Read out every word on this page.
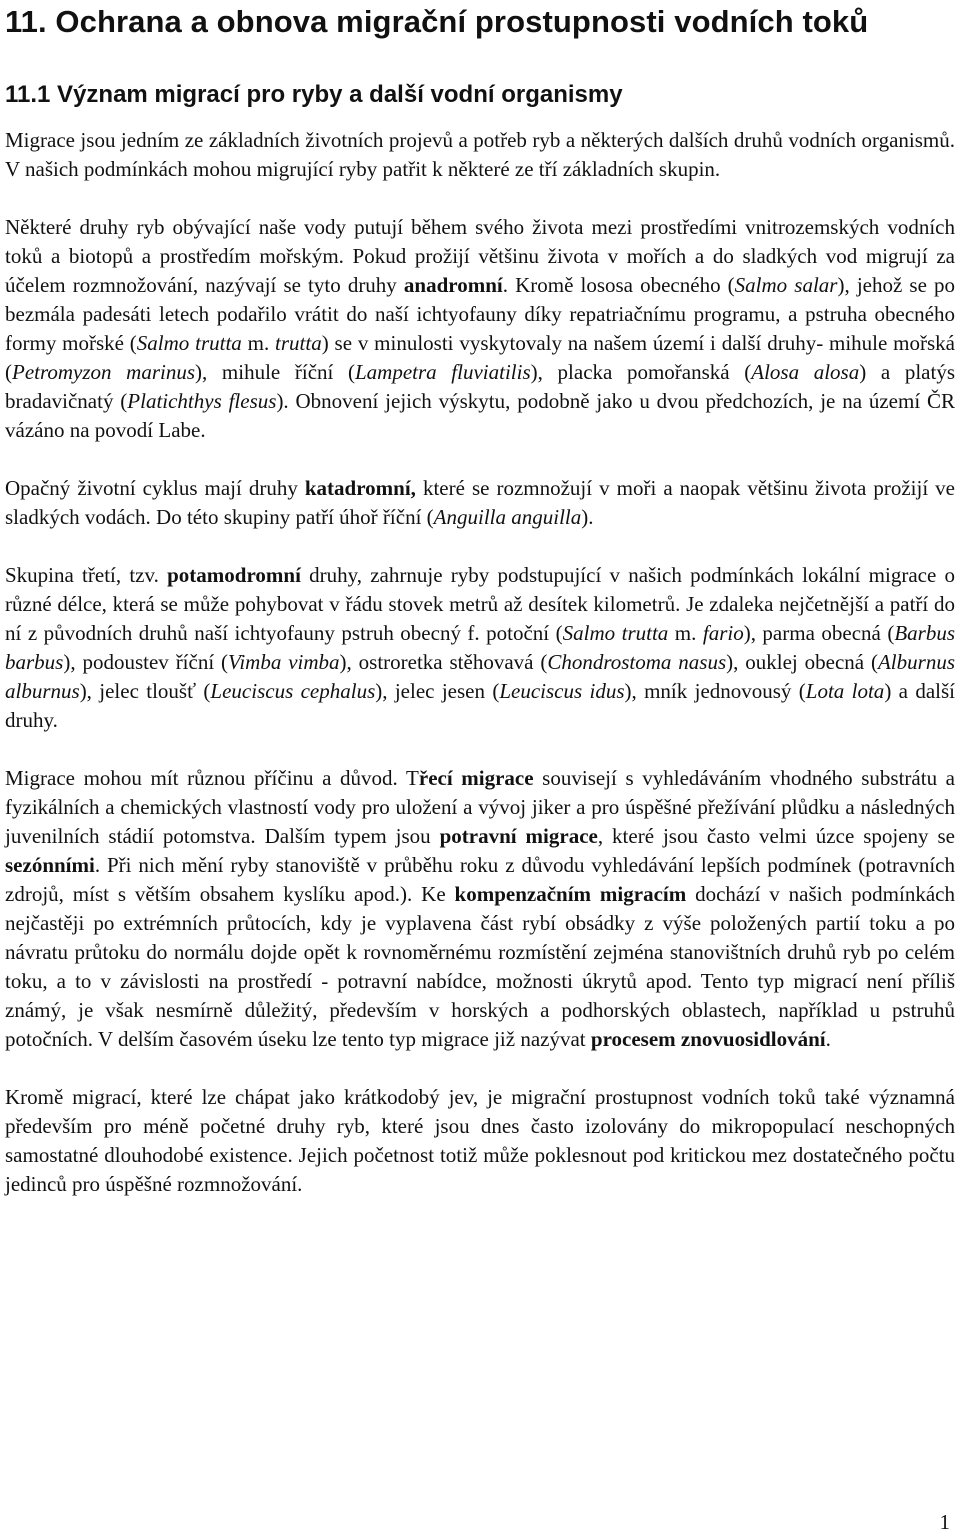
11. Ochrana a obnova migrační prostupnosti vodních toků
11.1 Význam migrací pro ryby a další vodní organismy

Migrace jsou jedním ze základních životních projevů a potřeb ryb a některých dalších druhů vodních organismů. V našich podmínkách mohou migrující ryby patřit k některé ze tří základních skupin.

Některé druhy ryb obývající naše vody putují během svého života mezi prostředími vnitrozemských vodních toků a biotopů a prostředím mořským. Pokud prožijí většinu života v mořích a do sladkých vod migrují za účelem rozmnožování, nazývají se tyto druhy anadromní. Kromě lososa obecného (Salmo salar), jehož se po bezmála padesáti letech podařilo vrátit do naší ichtyofauny díky repatriačnímu programu, a pstruha obecného formy mořské (Salmo trutta m. trutta) se v minulosti vyskytovaly na našem území i další druhy- mihule mořská (Petromyzon marinus), mihule říční (Lampetra fluviatilis), placka pomořanská (Alosa alosa) a platýs bradavičnatý (Platichthys flesus). Obnovení jejich výskytu, podobně jako u dvou předchozích, je na území ČR vázáno na povodí Labe.

Opačný životní cyklus mají druhy katadromní, které se rozmnožují v moři a naopak většinu života prožijí ve sladkých vodách. Do této skupiny patří úhoř říční (Anguilla anguilla).

Skupina třetí, tzv. potamodromní druhy, zahrnuje ryby podstupující v našich podmínkách lokální migrace o různé délce, která se může pohybovat v řádu stovek metrů až desítek kilometrů. Je zdaleka nejčetnější a patří do ní z původních druhů naší ichtyofauny pstruh obecný f. potoční (Salmo trutta m. fario), parma obecná (Barbus barbus), podoustev říční (Vimba vimba), ostroretka stěhovavá (Chondrostoma nasus), ouklej obecná (Alburnus alburnus), jelec tloušť (Leuciscus cephalus), jelec jesen (Leuciscus idus), mník jednovousý (Lota lota) a další druhy.

Migrace mohou mít různou příčinu a důvod. Třecí migrace souvisejí s vyhledáváním vhodného substrátu a fyzikálních a chemických vlastností vody pro uložení a vývoj jiker a pro úspěšné přežívání plůdku a následných juvenilních stádií potomstva. Dalším typem jsou potravní migrace, které jsou často velmi úzce spojeny se sezónními. Při nich mění ryby stanoviště v průběhu roku z důvodu vyhledávání lepších podmínek (potravních zdrojů, míst s větším obsahem kyslíku apod.). Ke kompenzačním migracím dochází v našich podmínkách nejčastěji po extrémních průtocích, kdy je vyplavena část rybí obsádky z výše položených partií toku a po návratu průtoku do normálu dojde opět k rovnoměrnému rozmístění zejména stanovištních druhů ryb po celém toku, a to v závislosti na prostředí - potravní nabídce, možnosti úkrytů apod. Tento typ migrací není příliš známý, je však nesmírně důležitý, především v horských a podhorských oblastech, například u pstruhů potočních. V delším časovém úseku lze tento typ migrace již nazývat procesem znovuosidlování.

Kromě migrací, které lze chápat jako krátkodobý jev, je migrační prostupnost vodních toků také významná především pro méně početné druhy ryb, které jsou dnes často izolovány do mikropopulací neschopných samostatné dlouhodobé existence. Jejich početnost totiž může poklesnout pod kritickou mez dostatečného počtu jedinců pro úspěšné rozmnožování.

1
